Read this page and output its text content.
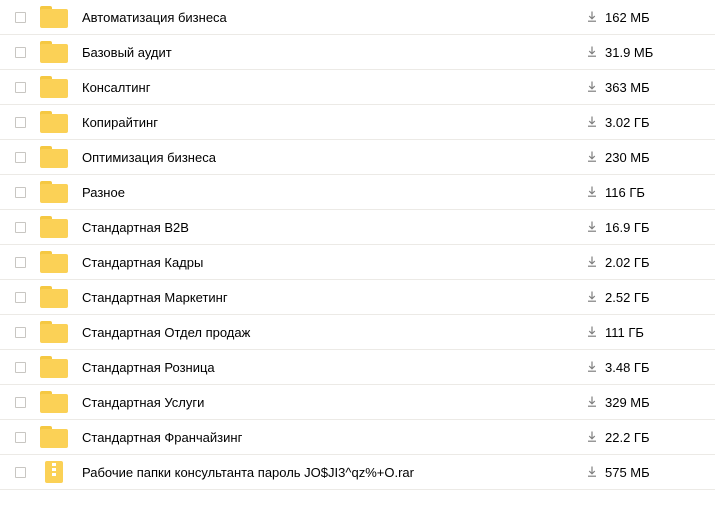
Автоматизация бизнеса	162 МБ
Базовый аудит	31.9 МБ
Консалтинг	363 МБ
Копирайтинг	3.02 ГБ
Оптимизация бизнеса	230 МБ
Разное	116 ГБ
Стандартная B2B	16.9 ГБ
Стандартная Кадры	2.02 ГБ
Стандартная Маркетинг	2.52 ГБ
Стандартная Отдел продаж	111 ГБ
Стандартная Розница	3.48 ГБ
Стандартная Услуги	329 МБ
Стандартная Франчайзинг	22.2 ГБ
Рабочие папки консультанта пароль JO$JI3^qz%+O.rar	575 МБ
